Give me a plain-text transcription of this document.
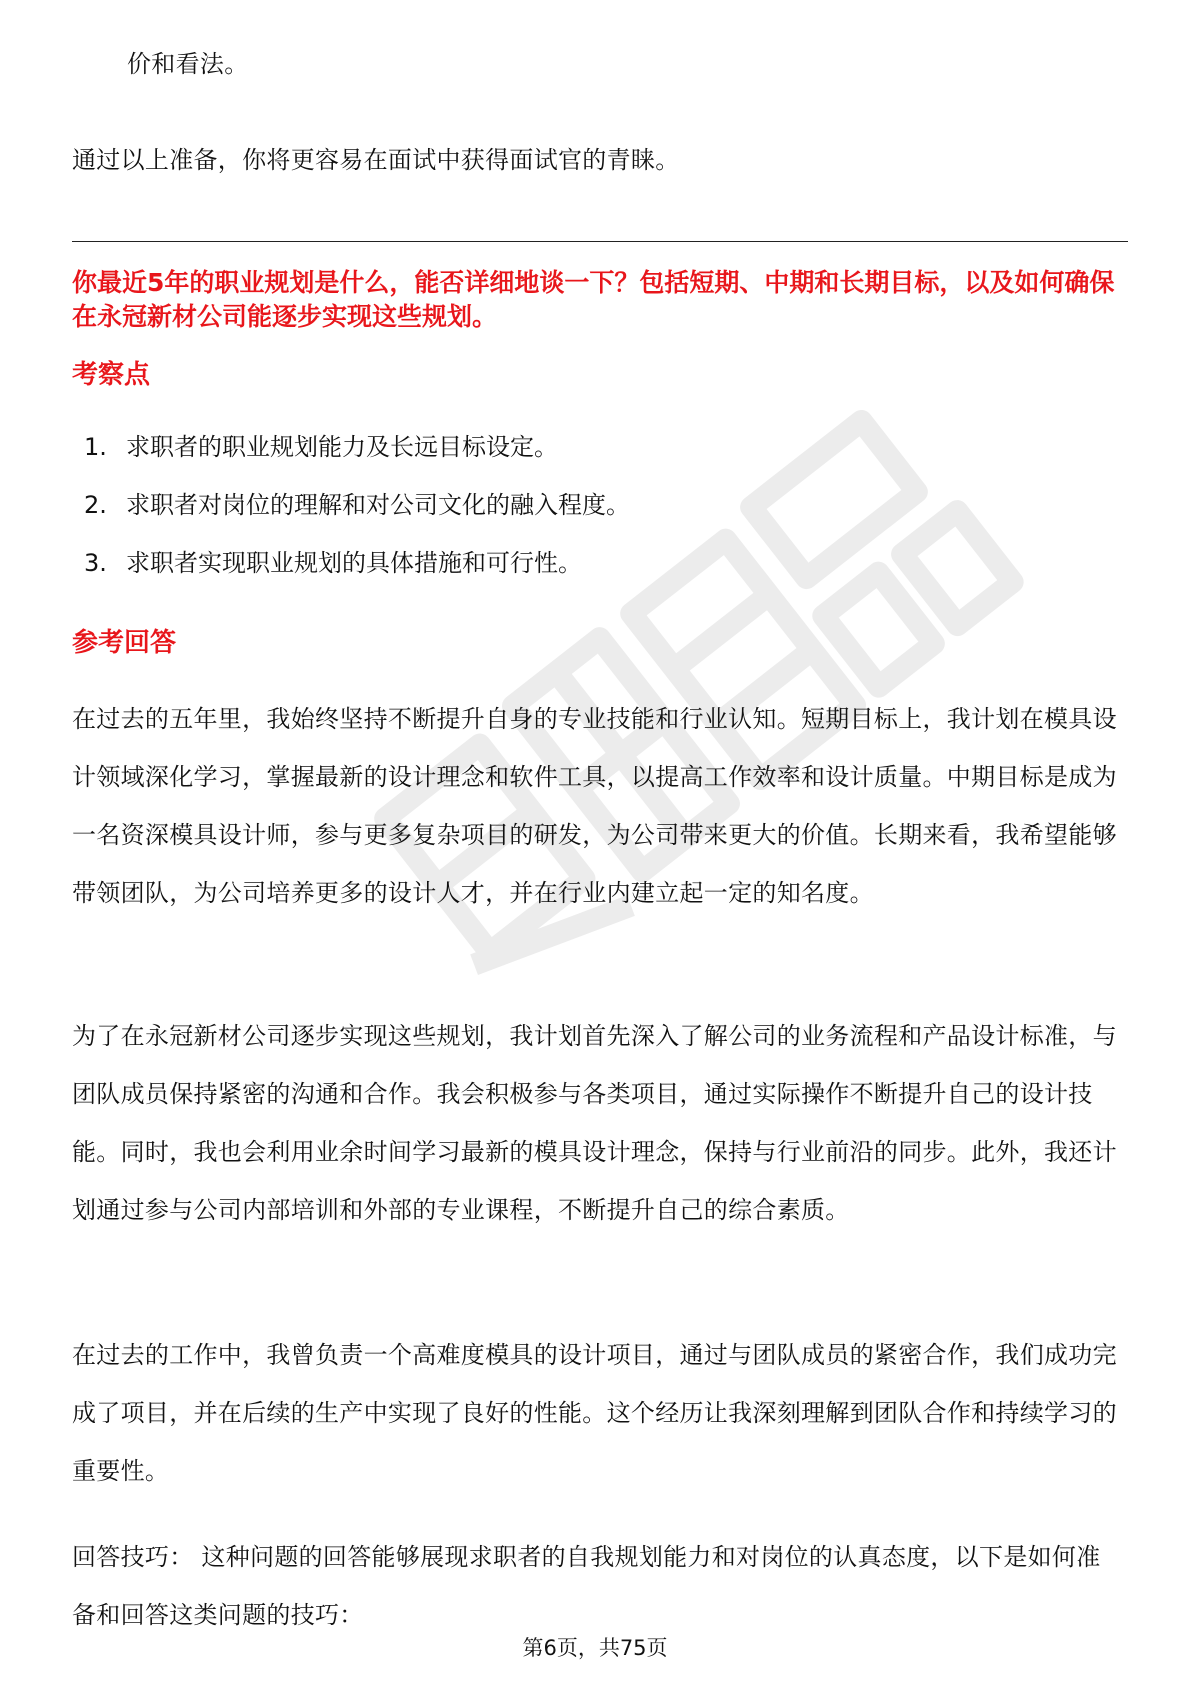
价和看法。

通过以上准备，你将更容易在面试中获得面试官的青睐。

你最近5年的职业规划是什么，能否详细地谈一下？包括短期、中期和长期目标，以及如何确保在永冠新材公司能逐步实现这些规划。

考察点

1. 求职者的职业规划能力及长远目标设定。
2. 求职者对岗位的理解和对公司文化的融入程度。
3. 求职者实现职业规划的具体措施和可行性。

参考回答

在过去的五年里，我始终坚持不断提升自身的专业技能和行业认知。短期目标上，我计划在模具设计领域深化学习，掌握最新的设计理念和软件工具，以提高工作效率和设计质量。中期目标是成为一名资深模具设计师，参与更多复杂项目的研发，为公司带来更大的价值。长期来看，我希望能够带领团队，为公司培养更多的设计人才，并在行业内建立起一定的知名度。

为了在永冠新材公司逐步实现这些规划，我计划首先深入了解公司的业务流程和产品设计标准，与团队成员保持紧密的沟通和合作。我会积极参与各类项目，通过实际操作不断提升自己的设计技能。同时，我也会利用业余时间学习最新的模具设计理念，保持与行业前沿的同步。此外，我还计划通过参与公司内部培训和外部的专业课程，不断提升自己的综合素质。

在过去的工作中，我曾负责一个高难度模具的设计项目，通过与团队成员的紧密合作，我们成功完成了项目，并在后续的生产中实现了良好的性能。这个经历让我深刻理解到团队合作和持续学习的重要性。

回答技巧： 这种问题的回答能够展现求职者的自我规划能力和对岗位的认真态度，以下是如何准备和回答这类问题的技巧：

第6页，共75页
